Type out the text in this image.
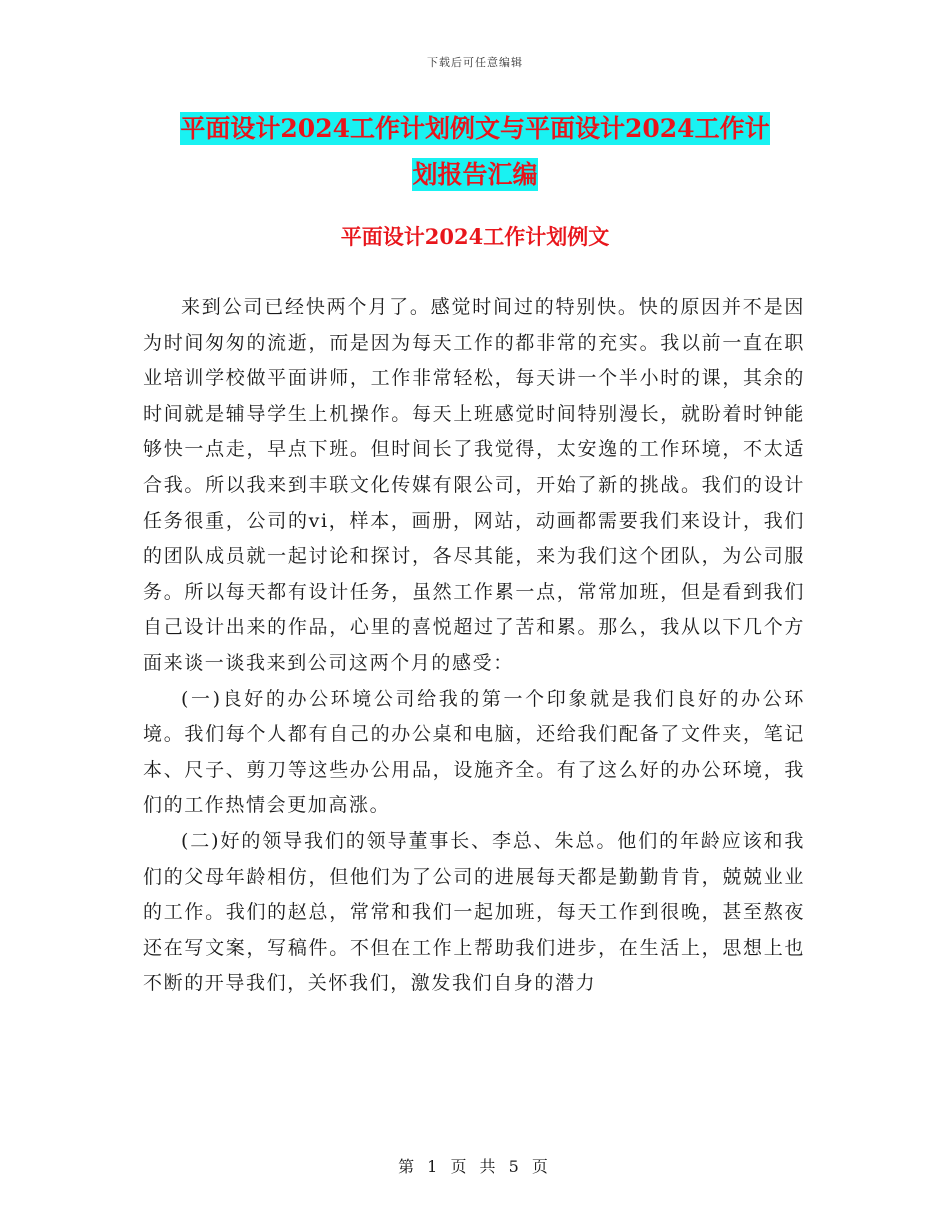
下载后可任意编辑
平面设计2024工作计划例文与平面设计2024工作计
划报告汇编
平面设计2024工作计划例文

来到公司已经快两个月了。感觉时间过的特别快。快的原因并不是因为时间匆匆的流逝，而是因为每天工作的都非常的充实。我以前一直在职业培训学校做平面讲师，工作非常轻松，每天讲一个半小时的课，其余的时间就是辅导学生上机操作。每天上班感觉时间特别漫长，就盼着时钟能够快一点走，早点下班。但时间长了我觉得，太安逸的工作环境，不太适合我。所以我来到丰联文化传媒有限公司，开始了新的挑战。我们的设计任务很重，公司的vi，样本，画册，网站，动画都需要我们来设计，我们的团队成员就一起讨论和探讨，各尽其能，来为我们这个团队，为公司服务。所以每天都有设计任务，虽然工作累一点，常常加班，但是看到我们自己设计出来的作品，心里的喜悦超过了苦和累。那么，我从以下几个方面来谈一谈我来到公司这两个月的感受：

(一)良好的办公环境公司给我的第一个印象就是我们良好的办公环境。我们每个人都有自己的办公桌和电脑，还给我们配备了文件夹，笔记本、尺子、剪刀等这些办公用品，设施齐全。有了这么好的办公环境，我们的工作热情会更加高涨。

(二)好的领导我们的领导董事长、李总、朱总。他们的年龄应该和我们的父母年龄相仿，但他们为了公司的进展每天都是勤勤肯肯，兢兢业业的工作。我们的赵总，常常和我们一起加班，每天工作到很晚，甚至熬夜还在写文案，写稿件。不但在工作上帮助我们进步，在生活上，思想上也不断的开导我们，关怀我们，激发我们自身的潜力

第 1 页 共 5 页
